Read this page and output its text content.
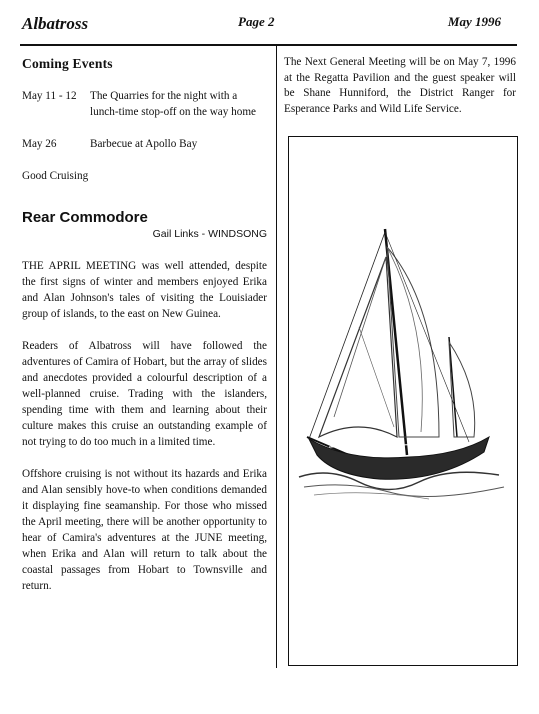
Albatross	Page 2	May 1996
Coming Events
May 11 - 12	The Quarries for the night with a lunch-time stop-off on the way home
May 26	Barbecue at Apollo Bay
Good Cruising
Rear Commodore
Gail Links - WINDSONG

THE APRIL MEETING was well attended, despite the first signs of winter and members enjoyed Erika and Alan Johnson's tales of visiting the Louisiader group of islands, to the east on New Guinea.

Readers of Albatross will have followed the adventures of Camira of Hobart, but the array of slides and anecdotes provided a colourful description of a well-planned cruise. Trading with the islanders, spending time with them and learning about their culture makes this cruise an outstanding example of not trying to do too much in a limited time.

Offshore cruising is not without its hazards and Erika and Alan sensibly hove-to when conditions demanded it displaying fine seamanship. For those who missed the April meeting, there will be another opportunity to hear of Camira's adventures at the JUNE meeting, when Erika and Alan will return to talk about the coastal passages from Hobart to Townsville and return.

The Next General Meeting will be on May 7, 1996 at the Regatta Pavilion and the guest speaker will be Shane Hunniford, the District Ranger for Esperance Parks and Wild Life Service.
